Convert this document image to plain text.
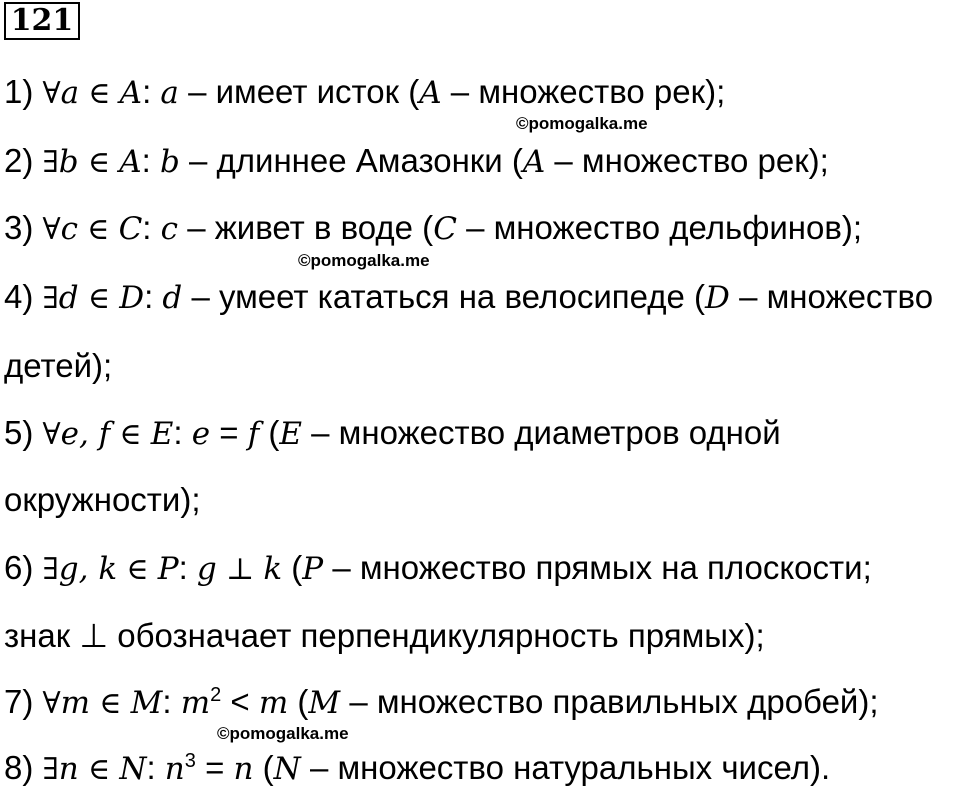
121
1) ∀a ∈ A: a – имеет исток (A – множество рек);
©pomogalka.me
2) ∃b ∈ A: b – длиннее Амазонки (A – множество рек);
3) ∀c ∈ C: c – живет в воде (C – множество дельфинов);
©pomogalka.me
4) ∃d ∈ D: d – умеет кататься на велосипеде (D – множество
детей);
5) ∀e, f ∈ E: e = f (E – множество диаметров одной
окружности);
6) ∃g, k ∈ P: g ⊥ k (P – множество прямых на плоскости;
знак ⊥ обозначает перпендикулярность прямых);
7) ∀m ∈ M: $m^2 < m$ (M – множество правильных дробей);
©pomogalka.me
8) ∃n ∈ N: $n^3 = n$ (N – множество натуральных чисел).
